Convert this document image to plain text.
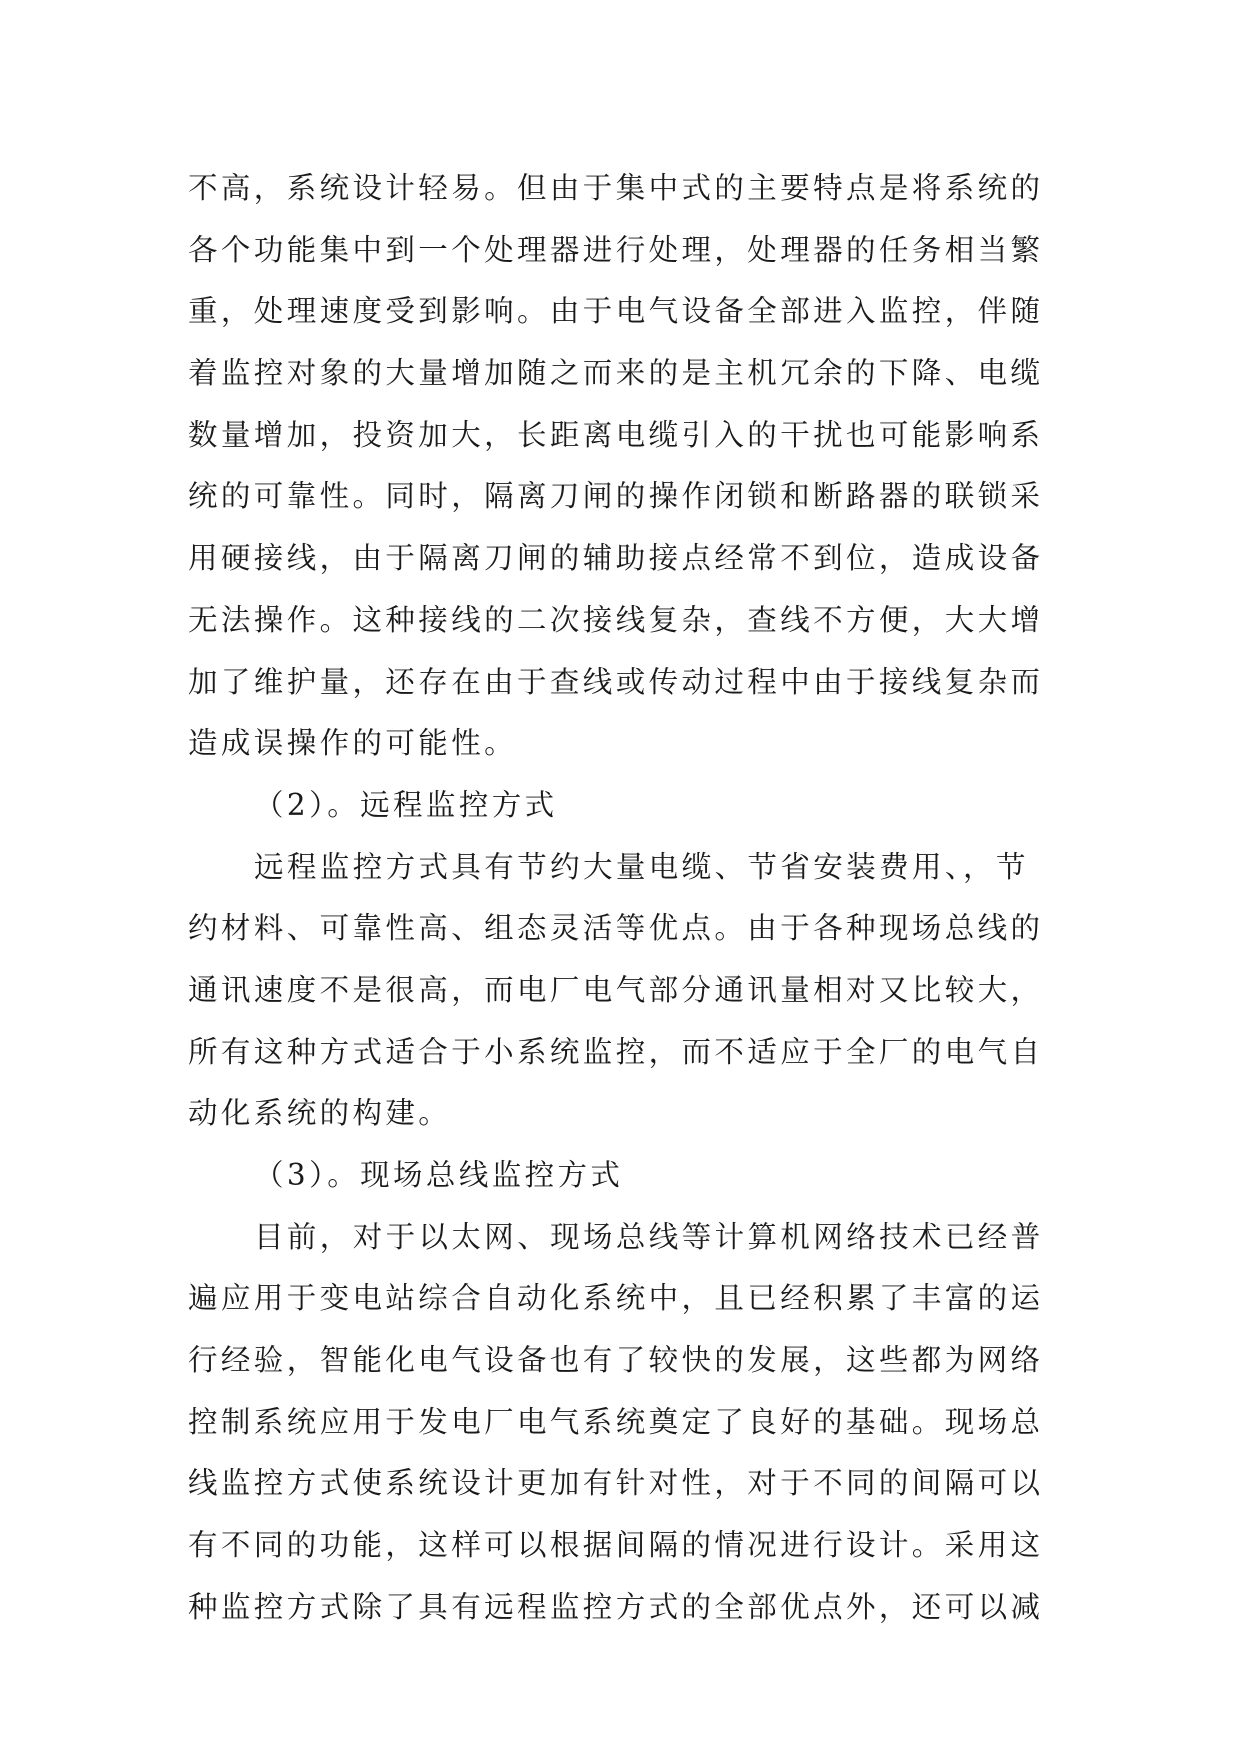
不高，系统设计轻易。但由于集中式的主要特点是将系统的
各个功能集中到一个处理器进行处理，处理器的任务相当繁
重，处理速度受到影响。由于电气设备全部进入监控，伴随
着监控对象的大量增加随之而来的是主机冗余的下降、电缆
数量增加，投资加大，长距离电缆引入的干扰也可能影响系
统的可靠性。同时，隔离刀闸的操作闭锁和断路器的联锁采
用硬接线，由于隔离刀闸的辅助接点经常不到位，造成设备
无法操作。这种接线的二次接线复杂，查线不方便，大大增
加了维护量，还存在由于查线或传动过程中由于接线复杂而
造成误操作的可能性。
（2）。远程监控方式
远程监控方式具有节约大量电缆、节省安装费用、，节
约材料、可靠性高、组态灵活等优点。由于各种现场总线的
通讯速度不是很高，而电厂电气部分通讯量相对又比较大，
所有这种方式适合于小系统监控，而不适应于全厂的电气自
动化系统的构建。
（3）。现场总线监控方式
目前，对于以太网、现场总线等计算机网络技术已经普
遍应用于变电站综合自动化系统中，且已经积累了丰富的运
行经验，智能化电气设备也有了较快的发展，这些都为网络
控制系统应用于发电厂电气系统奠定了良好的基础。现场总
线监控方式使系统设计更加有针对性，对于不同的间隔可以
有不同的功能，这样可以根据间隔的情况进行设计。采用这
种监控方式除了具有远程监控方式的全部优点外，还可以减
